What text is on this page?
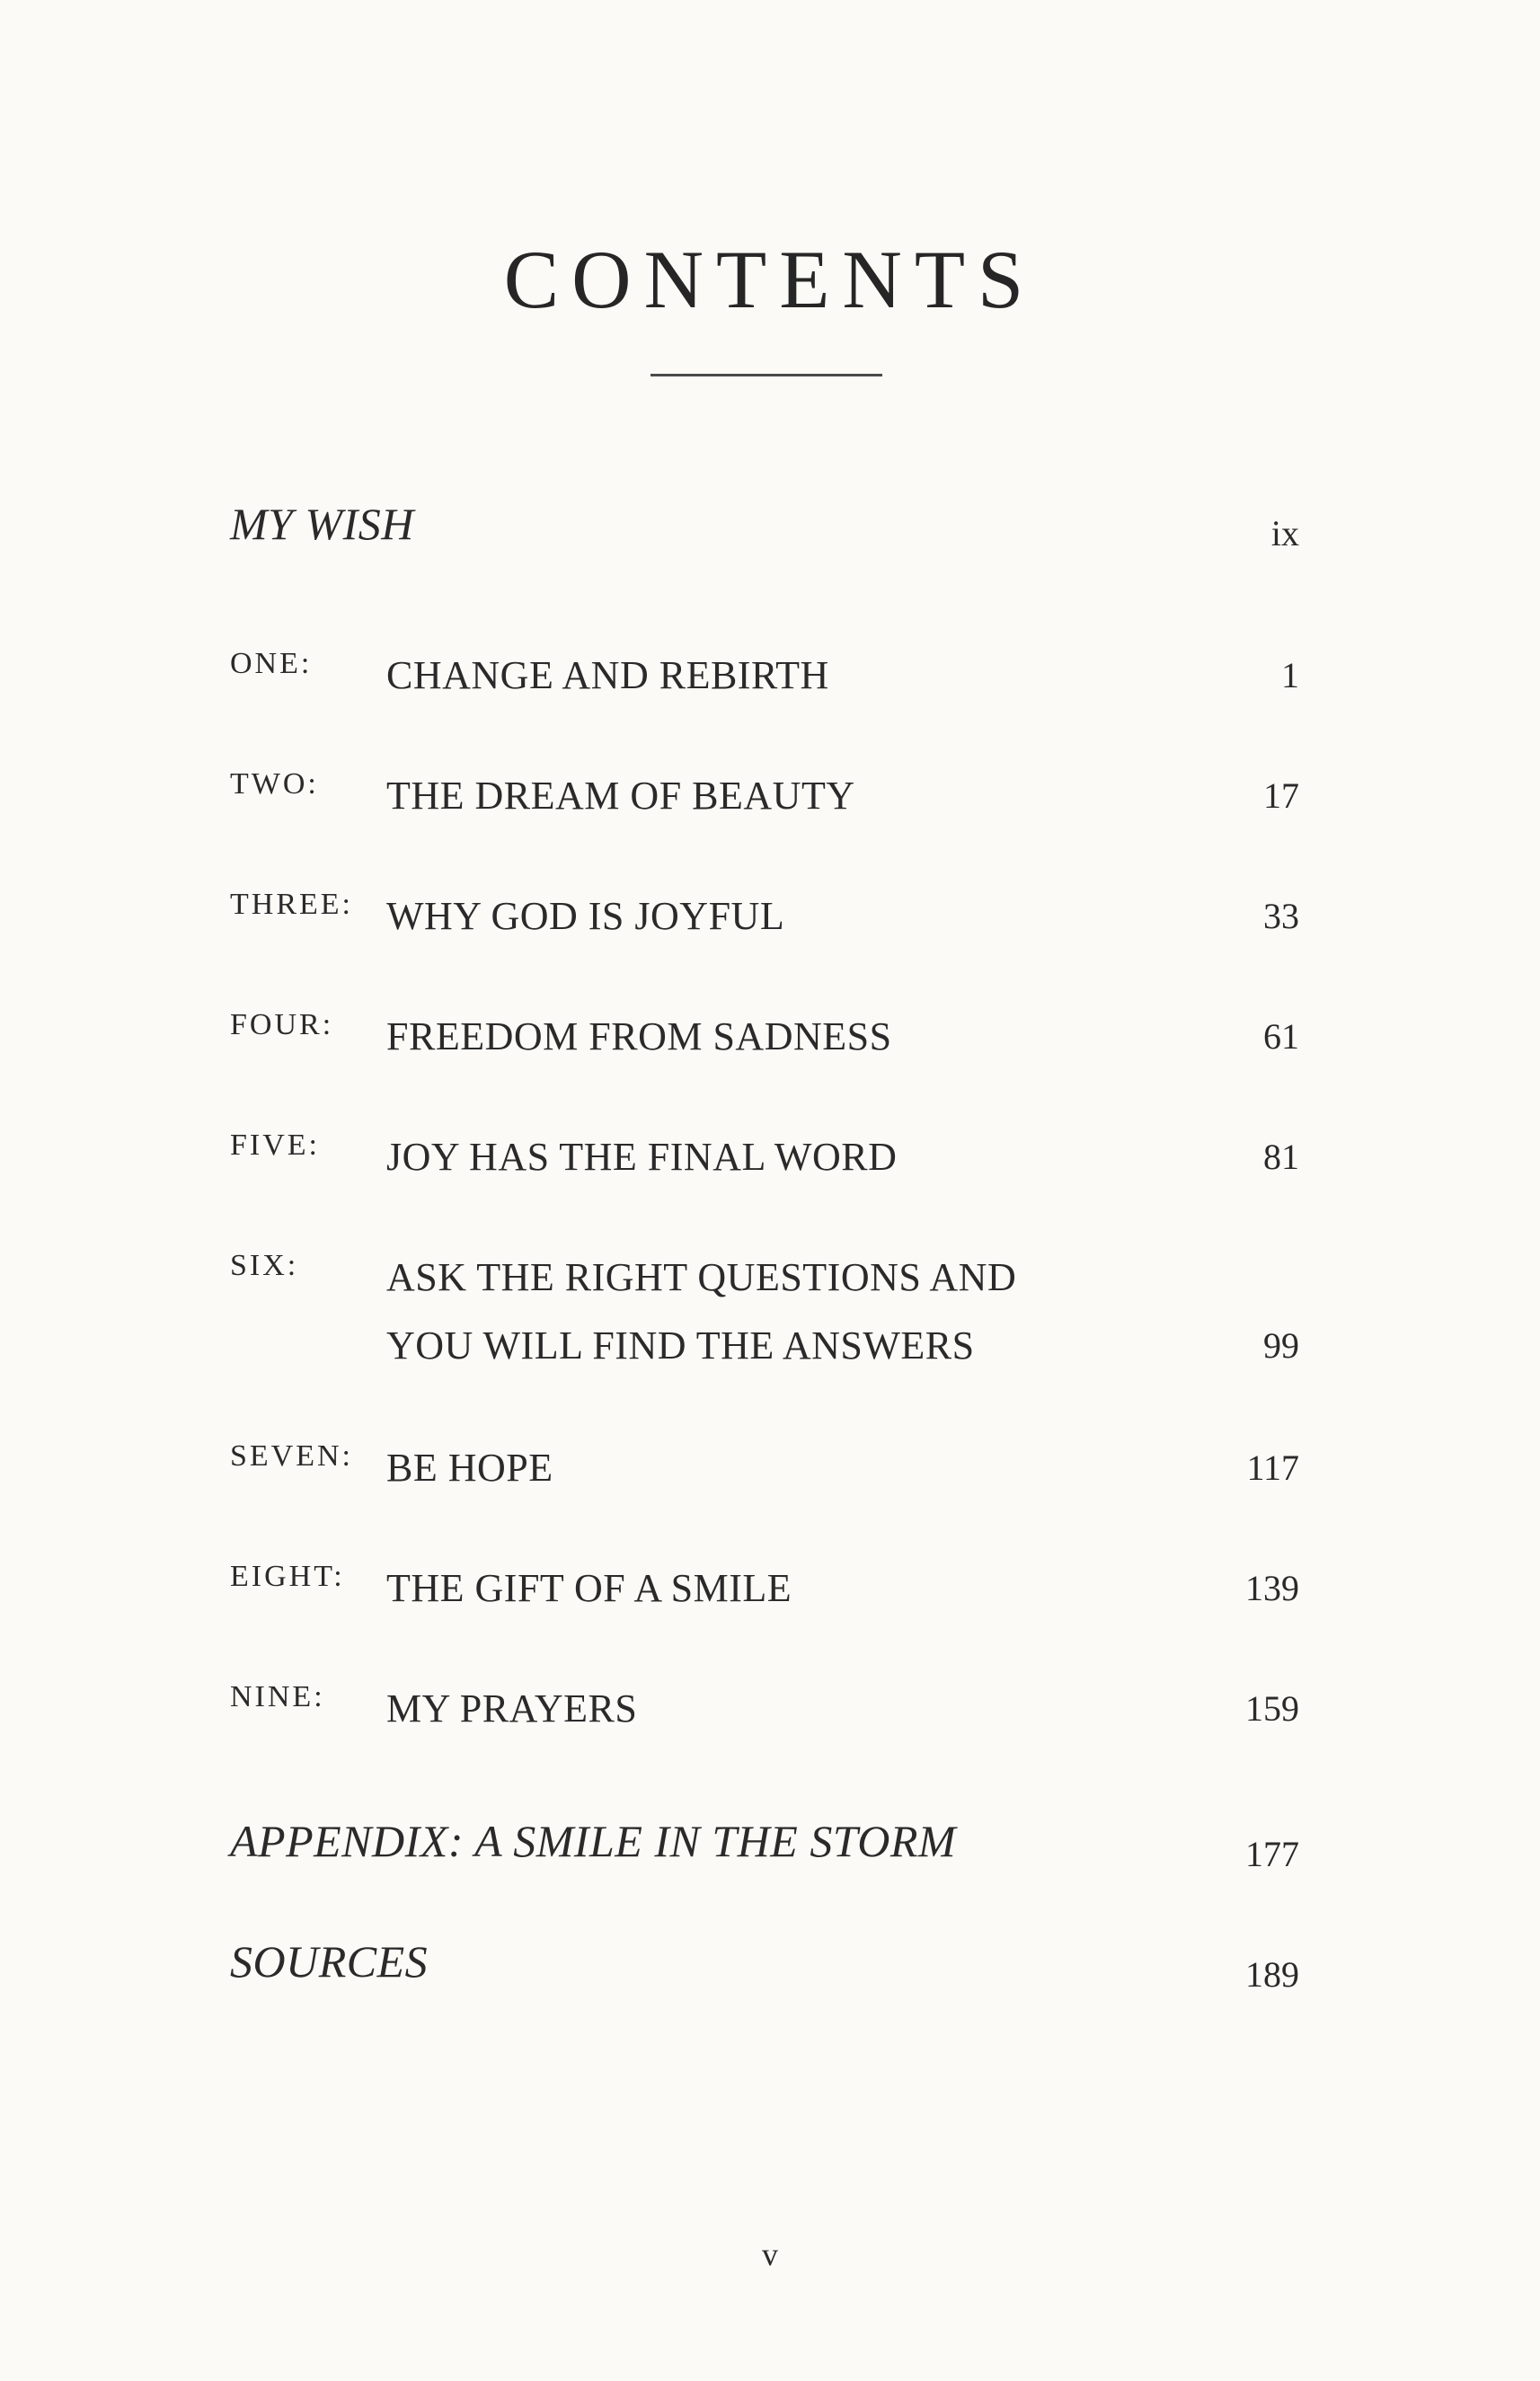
CONTENTS
MY WISH	ix
ONE: CHANGE AND REBIRTH	1
TWO: THE DREAM OF BEAUTY	17
THREE: WHY GOD IS JOYFUL	33
FOUR: FREEDOM FROM SADNESS	61
FIVE: JOY HAS THE FINAL WORD	81
SIX: ASK THE RIGHT QUESTIONS AND
YOU WILL FIND THE ANSWERS	99
SEVEN: BE HOPE	117
EIGHT: THE GIFT OF A SMILE	139
NINE: MY PRAYERS	159
APPENDIX: A SMILE IN THE STORM	177
SOURCES	189
v
